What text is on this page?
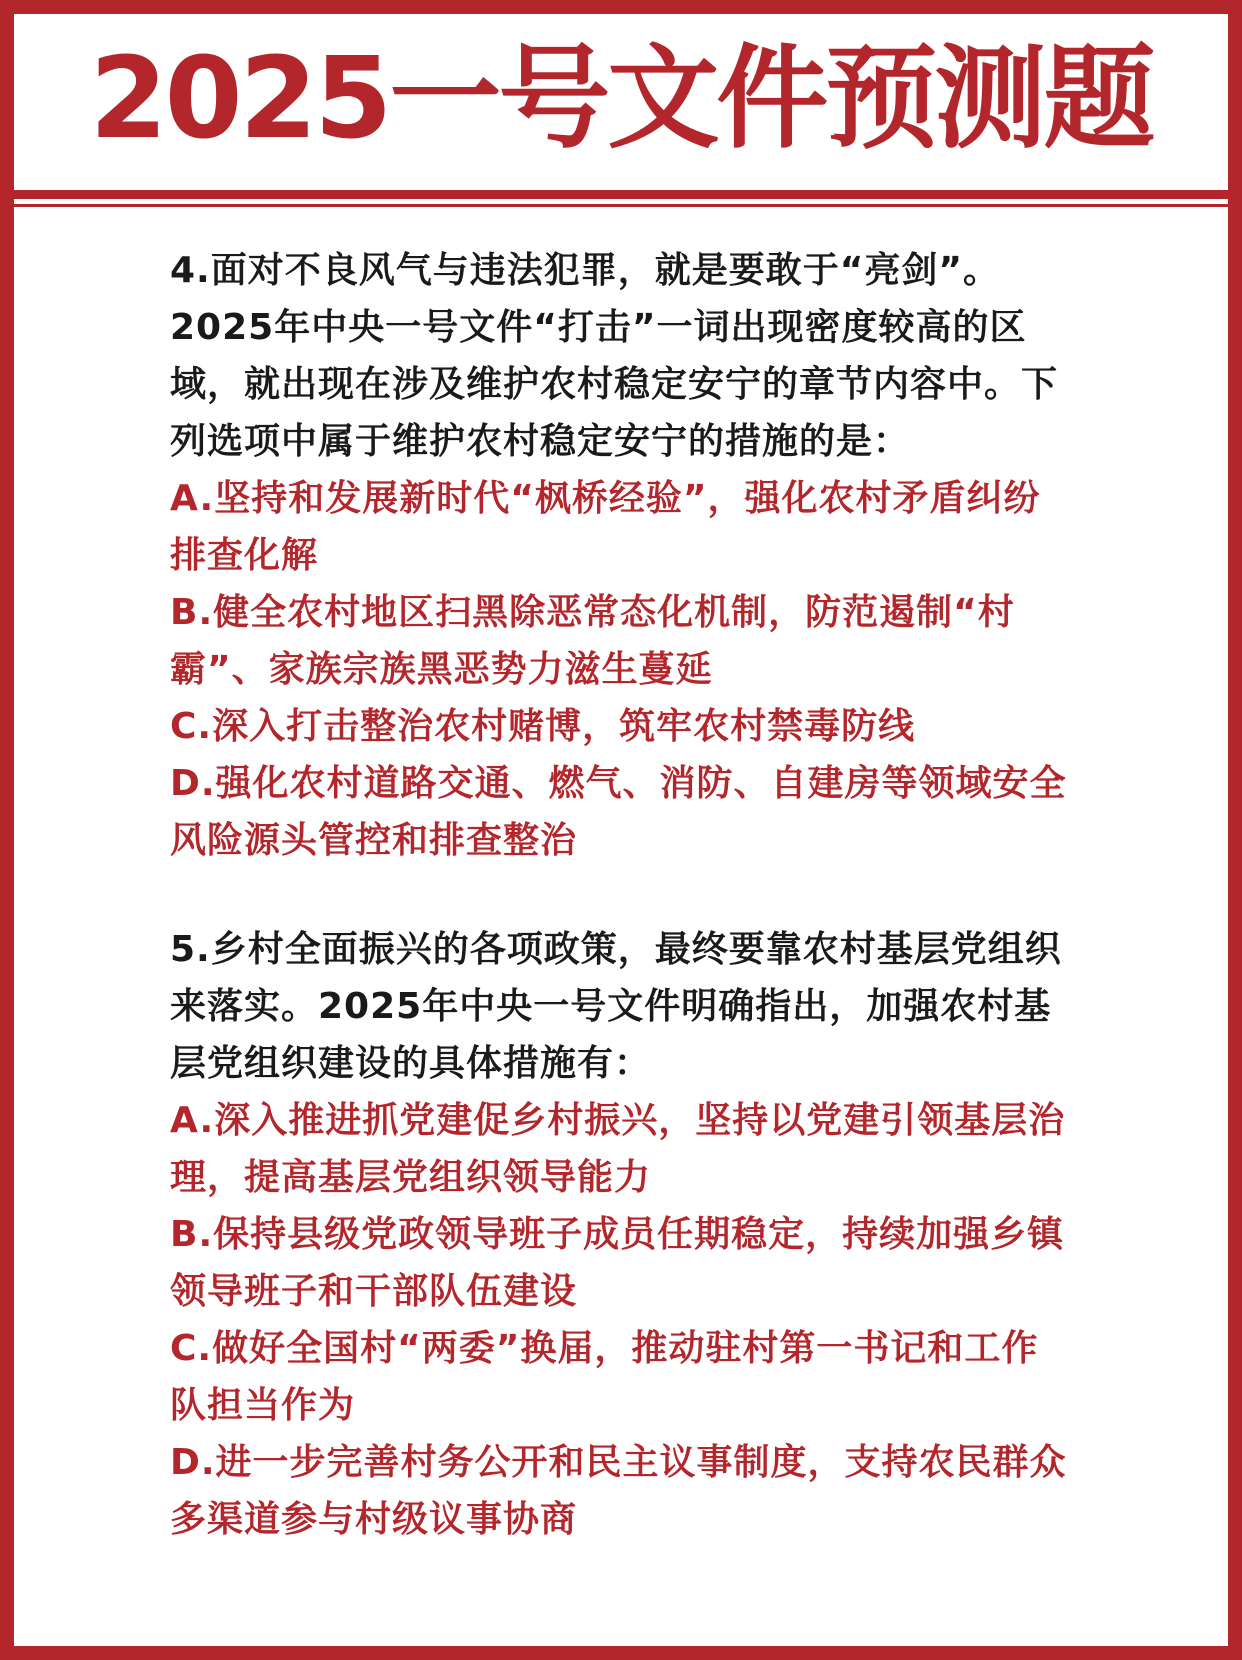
2025一号文件预测题

4.面对不良风气与违法犯罪，就是要敢于“亮剑”。2025年中央一号文件“打击”一词出现密度较高的区域，就出现在涉及维护农村稳定安宁的章节内容中。下列选项中属于维护农村稳定安宁的措施的是：

A.坚持和发展新时代“枫桥经验”，强化农村矛盾纠纷排查化解
B.健全农村地区扫黑除恶常态化机制，防范遏制“村霸”、家族宗族黑恶势力滋生蔓延
C.深入打击整治农村赌博，筑牢农村禁毒防线
D.强化农村道路交通、燃气、消防、自建房等领域安全风险源头管控和排查整治

5.乡村全面振兴的各项政策，最终要靠农村基层党组织来落实。2025年中央一号文件明确指出，加强农村基层党组织建设的具体措施有：

A.深入推进抓党建促乡村振兴，坚持以党建引领基层治理，提高基层党组织领导能力
B.保持县级党政领导班子成员任期稳定，持续加强乡镇领导班子和干部队伍建设
C.做好全国村“两委”换届，推动驻村第一书记和工作队担当作为
D.进一步完善村务公开和民主议事制度，支持农民群众多渠道参与村级议事协商
